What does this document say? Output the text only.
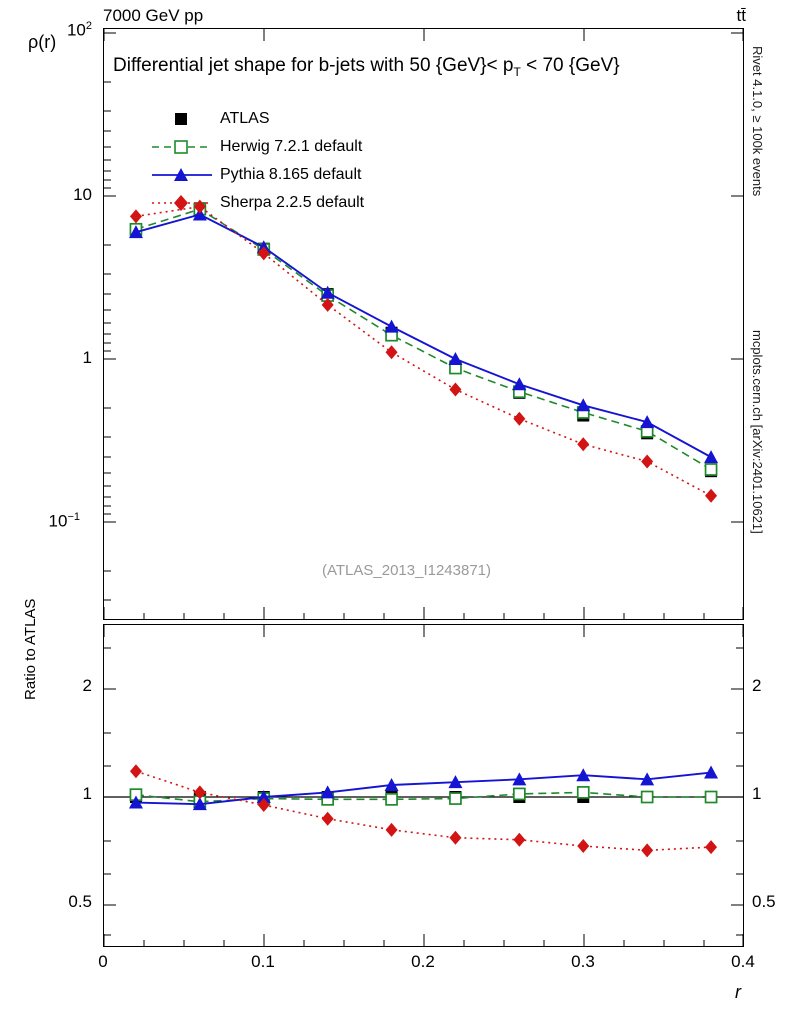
7000 GeV pp	tt̄
Rivet 4.1.0, ≥ 100k events
mcplots.cern.ch [arXiv:2401.10621]
$10^2$
10
1
$10^{-1}$
ρ(r)
Differential jet shape for b-jets with 50 $\{GeV\}< p_T < 70$ {GeV}
ATLAS
Herwig 7.2.1 default
Pythia 8.165 default
Sherpa 2.2.5 default
(ATLAS_2013_I1243871)
2
1
0.5
2
1
0.5
Ratio to ATLAS
0	0.1	0.2	0.3	0.4
r
